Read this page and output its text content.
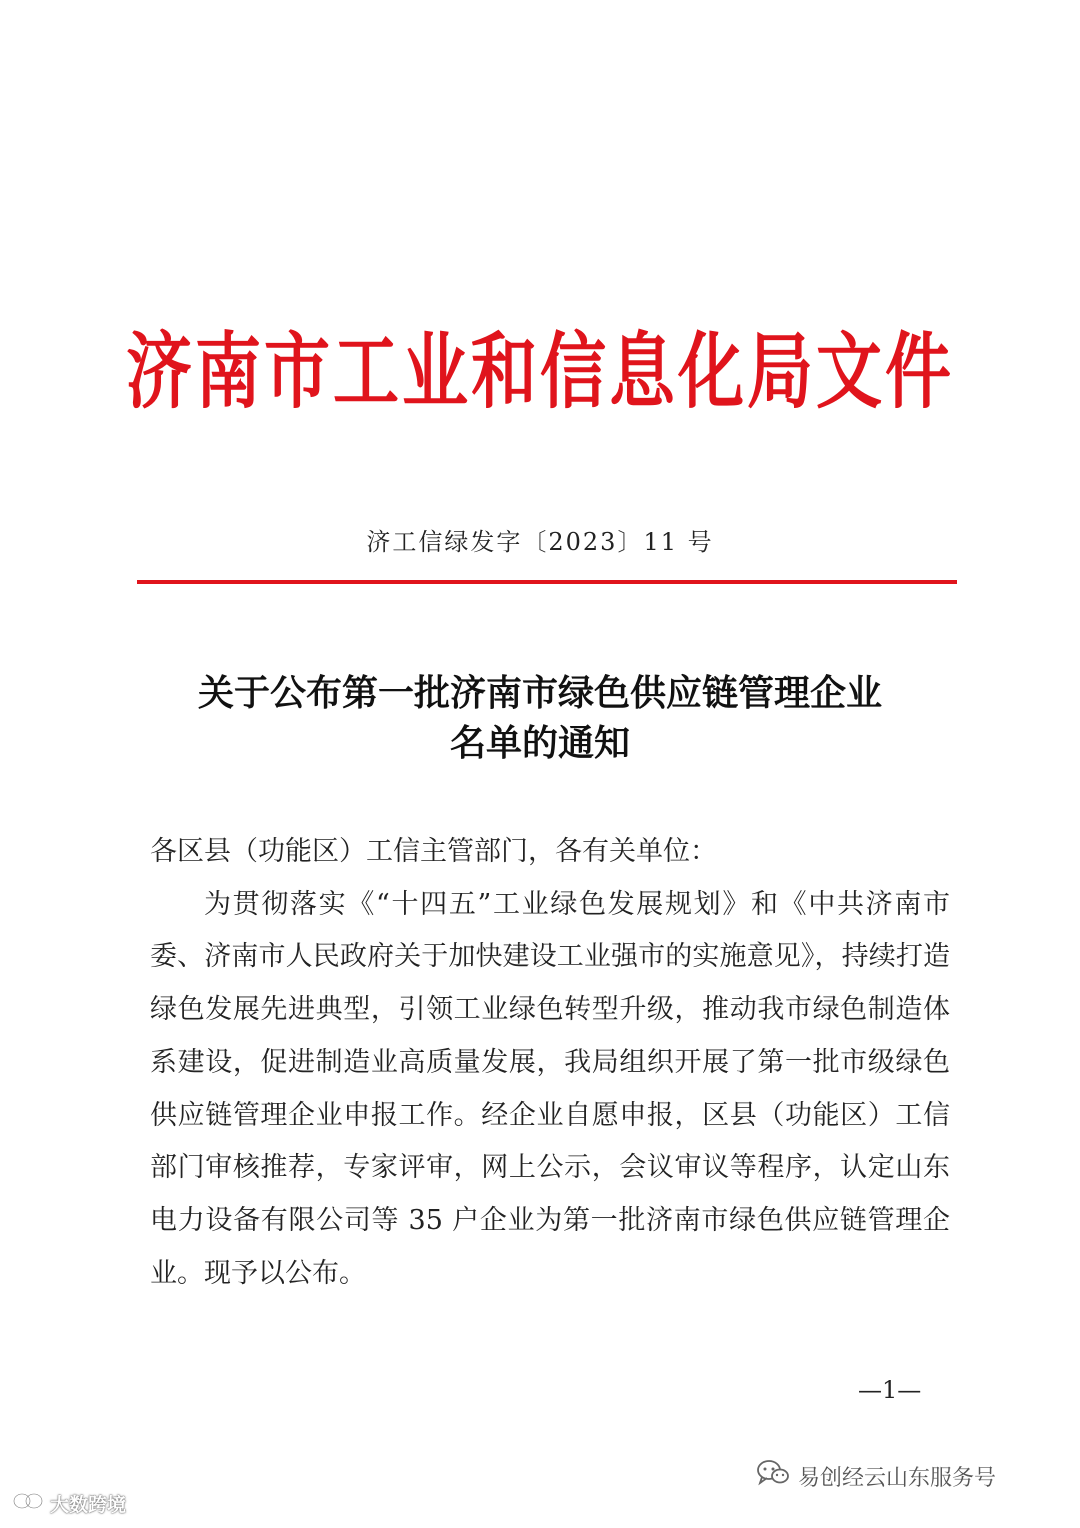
济南市工业和信息化局文件
济工信绿发字〔2023〕11 号
关于公布第一批济南市绿色供应链管理企业
名单的通知
各区县（功能区）工信主管部门，各有关单位：
为贯彻落实《“十四五”工业绿色发展规划》和《中共济南市委、济南市人民政府关于加快建设工业强市的实施意见》，持续打造绿色发展先进典型，引领工业绿色转型升级，推动我市绿色制造体系建设，促进制造业高质量发展，我局组织开展了第一批市级绿色供应链管理企业申报工作。经企业自愿申报，区县（功能区）工信部门审核推荐，专家评审，网上公示，会议审议等程序，认定山东电力设备有限公司等 35 户企业为第一批济南市绿色供应链管理企业。现予以公布。
—1—
大数跨境
易创经云山东服务号
